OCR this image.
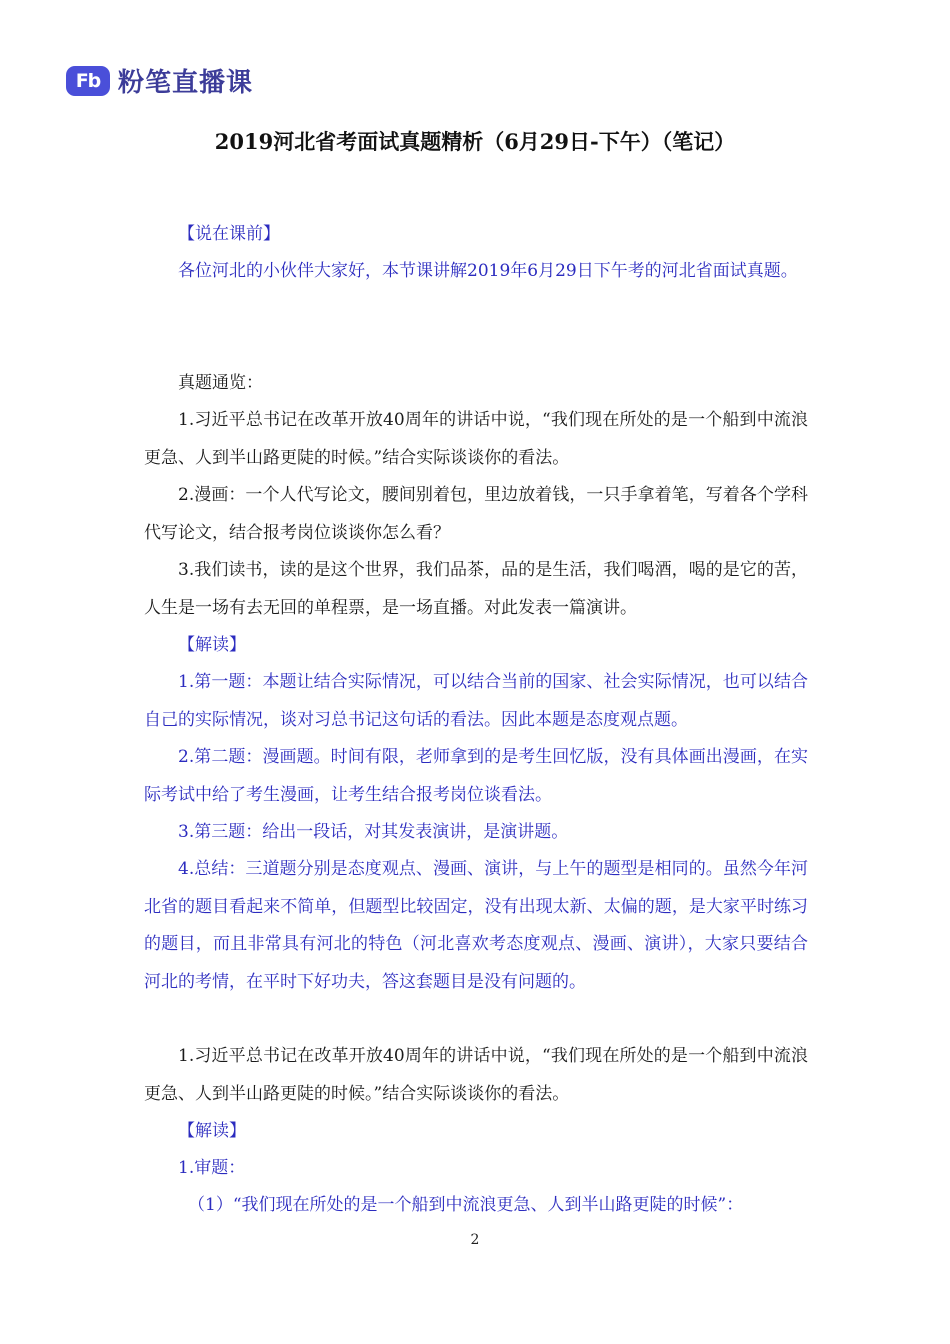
Fb 粉笔直播课
2019河北省考面试真题精析（6月29日-下午）（笔记）

【说在课前】

各位河北的小伙伴大家好，本节课讲解2019年6月29日下午考的河北省面试真题。

真题通览：

1.习近平总书记在改革开放40周年的讲话中说，“我们现在所处的是一个船到中流浪更急、人到半山路更陡的时候。”结合实际谈谈你的看法。

2.漫画：一个人代写论文，腰间别着包，里边放着钱，一只手拿着笔，写着各个学科代写论文，结合报考岗位谈谈你怎么看？

3.我们读书，读的是这个世界，我们品茶，品的是生活，我们喝酒，喝的是它的苦，人生是一场有去无回的单程票，是一场直播。对此发表一篇演讲。

【解读】

1.第一题：本题让结合实际情况，可以结合当前的国家、社会实际情况，也可以结合自己的实际情况，谈对习总书记这句话的看法。因此本题是态度观点题。

2.第二题：漫画题。时间有限，老师拿到的是考生回忆版，没有具体画出漫画，在实际考试中给了考生漫画，让考生结合报考岗位谈看法。

3.第三题：给出一段话，对其发表演讲，是演讲题。

4.总结：三道题分别是态度观点、漫画、演讲，与上午的题型是相同的。虽然今年河北省的题目看起来不简单，但题型比较固定，没有出现太新、太偏的题，是大家平时练习的题目，而且非常具有河北的特色（河北喜欢考态度观点、漫画、演讲），大家只要结合河北的考情，在平时下好功夫，答这套题目是没有问题的。

1.习近平总书记在改革开放40周年的讲话中说，“我们现在所处的是一个船到中流浪更急、人到半山路更陡的时候。”结合实际谈谈你的看法。

【解读】

1.审题：

（1）“我们现在所处的是一个船到中流浪更急、人到半山路更陡的时候”：

2
